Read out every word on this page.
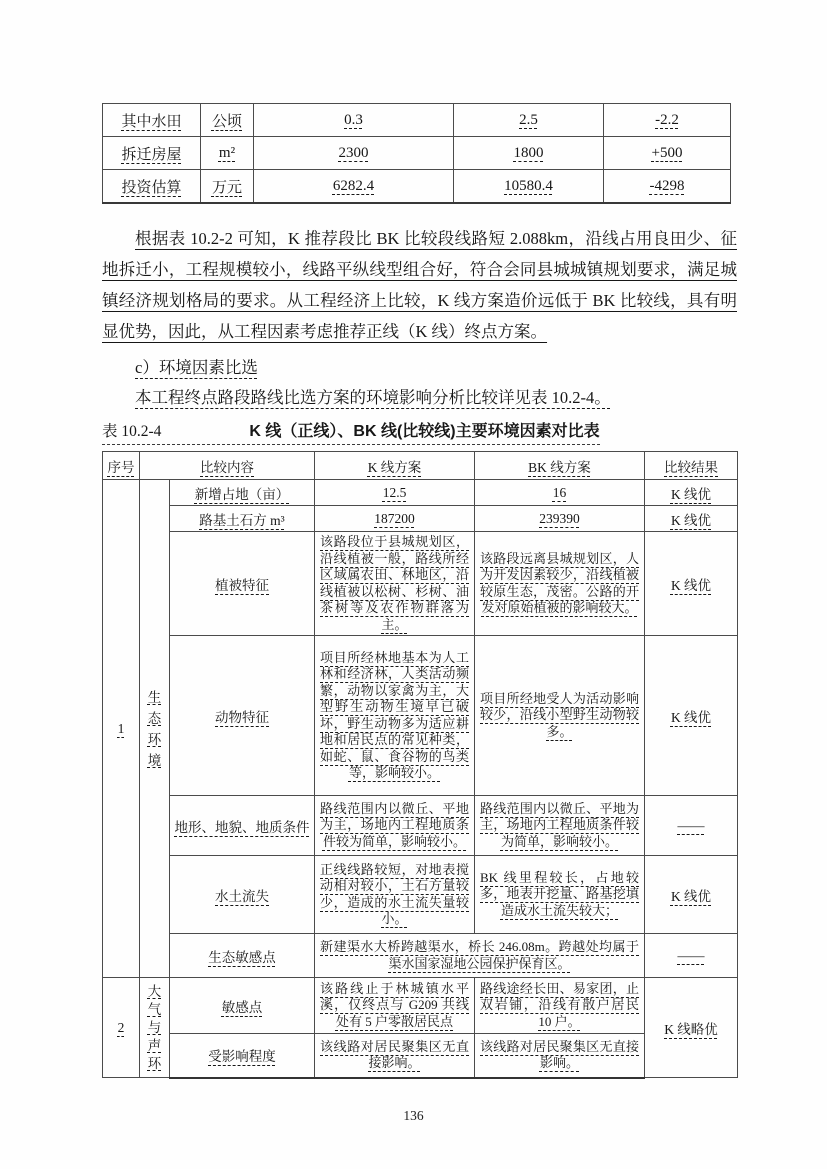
其中水田	公顷	0.3	2.5	-2.2
拆迁房屋	m²	2300	1800	+500
投资估算	万元	6282.4	10580.4	-4298

根据表 10.2-2 可知，K 推荐段比 BK 比较段线路短 2.088km，沿线占用良田少、征地拆迁小，工程规模较小，线路平纵线型组合好，符合会同县城城镇规划要求，满足城镇经济规划格局的要求。从工程经济上比较，K 线方案造价远低于 BK 比较线，具有明显优势，因此，从工程因素考虑推荐正线（K 线）终点方案。

c）环境因素比选

本工程终点路段路线比选方案的环境影响分析比较详见表 10.2-4。

表 10.2-4	K 线（正线）、BK 线(比较线)主要环境因素对比表
序号	比较内容		K 线方案	BK 线方案	比较结果
1	生态环境	新增占地（亩）	12.5	16	K 线优
		路基土石方 m³	187200	239390	K 线优
		植被特征	该路段位于县城规划区，沿线植被一般，路线所经区域属农田、林地区，沿线植被以松树、杉树、油茶树等及农作物群落为主。	该路段远离县城规划区，人为开发因素较少，沿线植被较原生态，茂密。公路的开发对原始植被的影响较大。	K 线优
		动物特征	项目所经林地基本为人工林和经济林，人类活动频繁，动物以家禽为主，大型野生动物生境早已破坏，野生动物多为适应耕地和居民点的常见种类，如蛇、鼠、食谷物的鸟类等，影响较小。	项目所经地受人为活动影响较少，沿线小型野生动物较多。	K 线优
		地形、地貌、地质条件	路线范围内以微丘、平地为主，场地内工程地质条件较为简单，影响较小。	路线范围内以微丘、平地为主，场地内工程地质条件较为简单，影响较小。	——
		水土流失	正线线路较短，对地表搅动相对较小，土石方量较少，造成的水土流失量较小。	BK 线里程较长，占地较多，地表开挖量、路基挖填造成水土流失较大；	K 线优
		生态敏感点	新建渠水大桥跨越渠水，桥长 246.08m。跨越处均属于渠水国家湿地公园保护保育区。		——
2	大气与声环	敏感点	该路线止于林城镇水平溪，仅终点与 G209 共线处有 5 户零散居民点	路线途经长田、易家团，止双岩铺，沿线有散户居民 10 户。	K 线略优
		受影响程度	该线路对居民聚集区无直接影响。	该线路对居民聚集区无直接影响。	
136
